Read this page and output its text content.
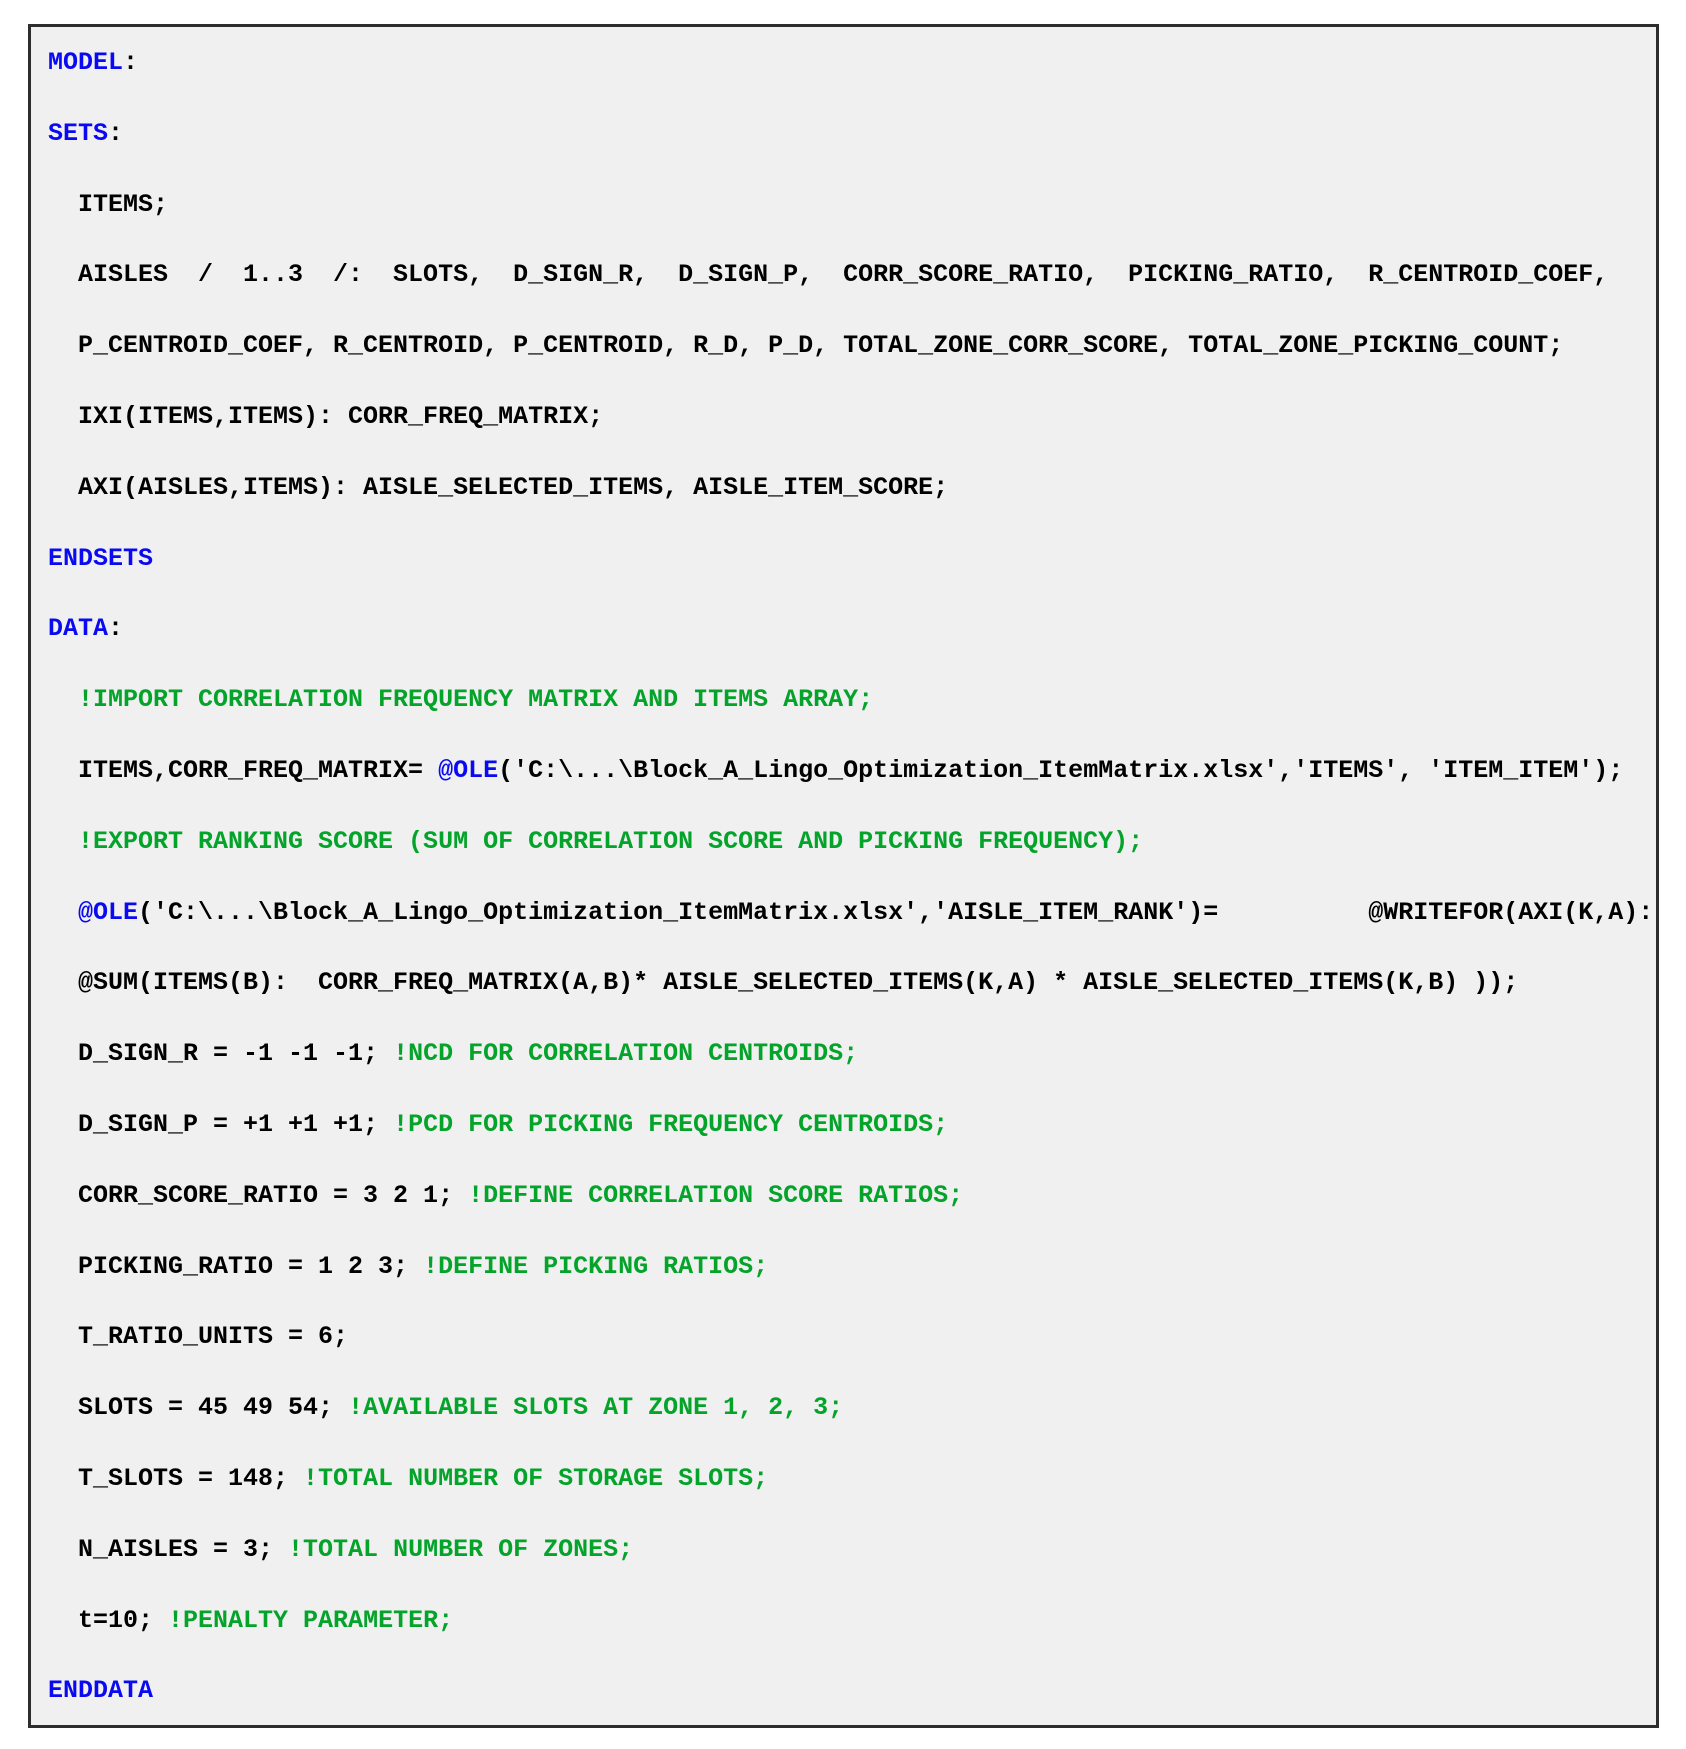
MODEL:
SETS:
ITEMS;
AISLES  /  1..3  /:  SLOTS,  D_SIGN_R,  D_SIGN_P,  CORR_SCORE_RATIO,  PICKING_RATIO,  R_CENTROID_COEF,
P_CENTROID_COEF, R_CENTROID, P_CENTROID, R_D, P_D, TOTAL_ZONE_CORR_SCORE, TOTAL_ZONE_PICKING_COUNT;
IXI(ITEMS,ITEMS): CORR_FREQ_MATRIX;
AXI(AISLES,ITEMS): AISLE_SELECTED_ITEMS, AISLE_ITEM_SCORE;
ENDSETS
DATA:
!IMPORT CORRELATION FREQUENCY MATRIX AND ITEMS ARRAY;
ITEMS,CORR_FREQ_MATRIX= @OLE('C:\...\Block_A_Lingo_Optimization_ItemMatrix.xlsx','ITEMS', 'ITEM_ITEM');
!EXPORT RANKING SCORE (SUM OF CORRELATION SCORE AND PICKING FREQUENCY);
@OLE('C:\...\Block_A_Lingo_Optimization_ItemMatrix.xlsx','AISLE_ITEM_RANK')=          @WRITEFOR(AXI(K,A):
@SUM(ITEMS(B):  CORR_FREQ_MATRIX(A,B)* AISLE_SELECTED_ITEMS(K,A) * AISLE_SELECTED_ITEMS(K,B) ));
D_SIGN_R = -1 -1 -1; !NCD FOR CORRELATION CENTROIDS;
D_SIGN_P = +1 +1 +1; !PCD FOR PICKING FREQUENCY CENTROIDS;
CORR_SCORE_RATIO = 3 2 1; !DEFINE CORRELATION SCORE RATIOS;
PICKING_RATIO = 1 2 3; !DEFINE PICKING RATIOS;
T_RATIO_UNITS = 6;
SLOTS = 45 49 54; !AVAILABLE SLOTS AT ZONE 1, 2, 3;
T_SLOTS = 148; !TOTAL NUMBER OF STORAGE SLOTS;
N_AISLES = 3; !TOTAL NUMBER OF ZONES;
t=10; !PENALTY PARAMETER;
ENDDATA
